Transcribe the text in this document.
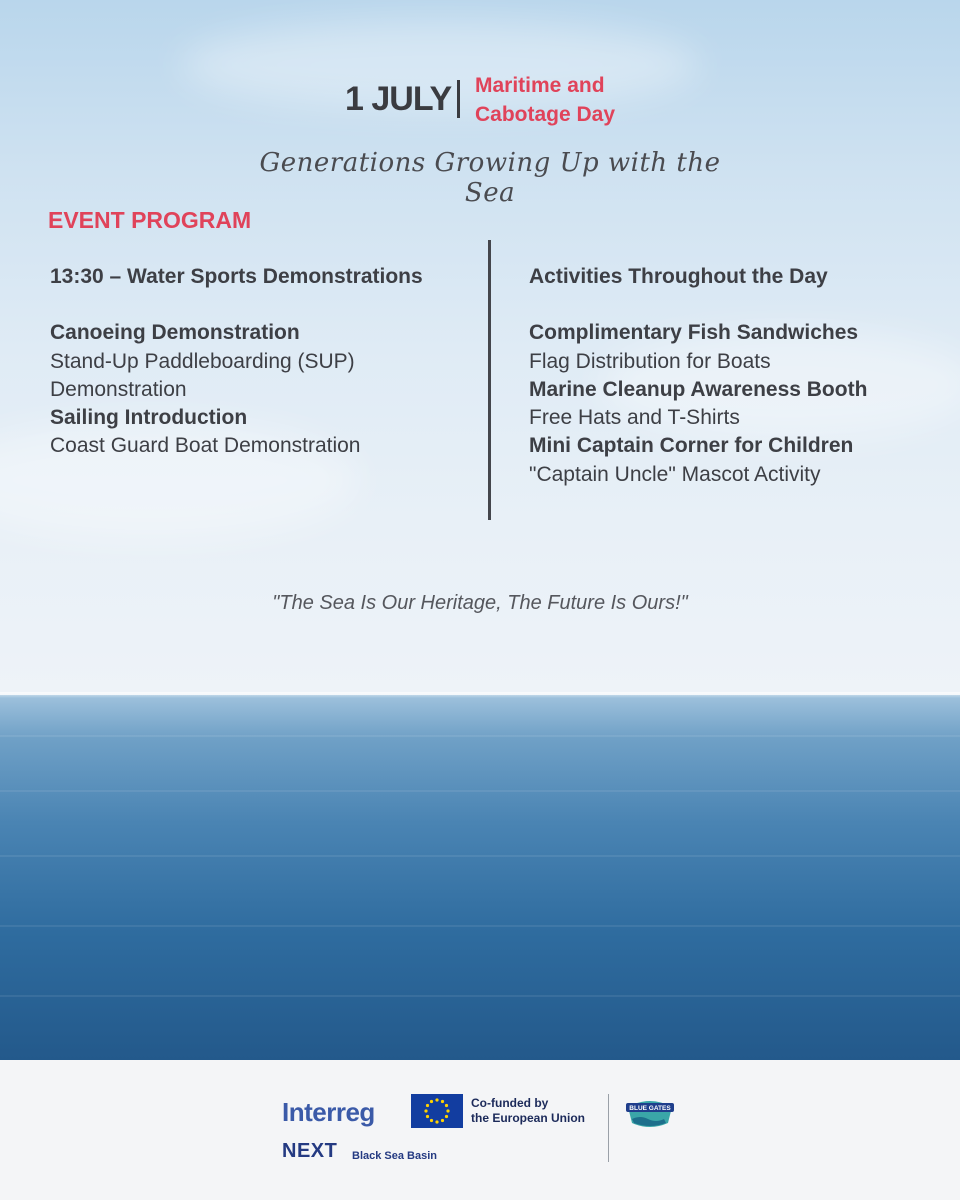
1 JULY Maritime and
Cabotage Day
Generations Growing Up with the Sea
EVENT PROGRAM
13:30 – Water Sports Demonstrations
Canoeing Demonstration
Stand-Up Paddleboarding (SUP)
Demonstration
Sailing Introduction
Coast Guard Boat Demonstration
Activities Throughout the Day
Complimentary Fish Sandwiches
Flag Distribution for Boats
Marine Cleanup Awareness Booth
Free Hats and T-Shirts
Mini Captain Corner for Children
"Captain Uncle" Mascot Activity
"The Sea Is Our Heritage, The Future Is Ours!"
Interreg	Co-funded by
the European Union
NEXT Black Sea Basin
BLUE GATES
